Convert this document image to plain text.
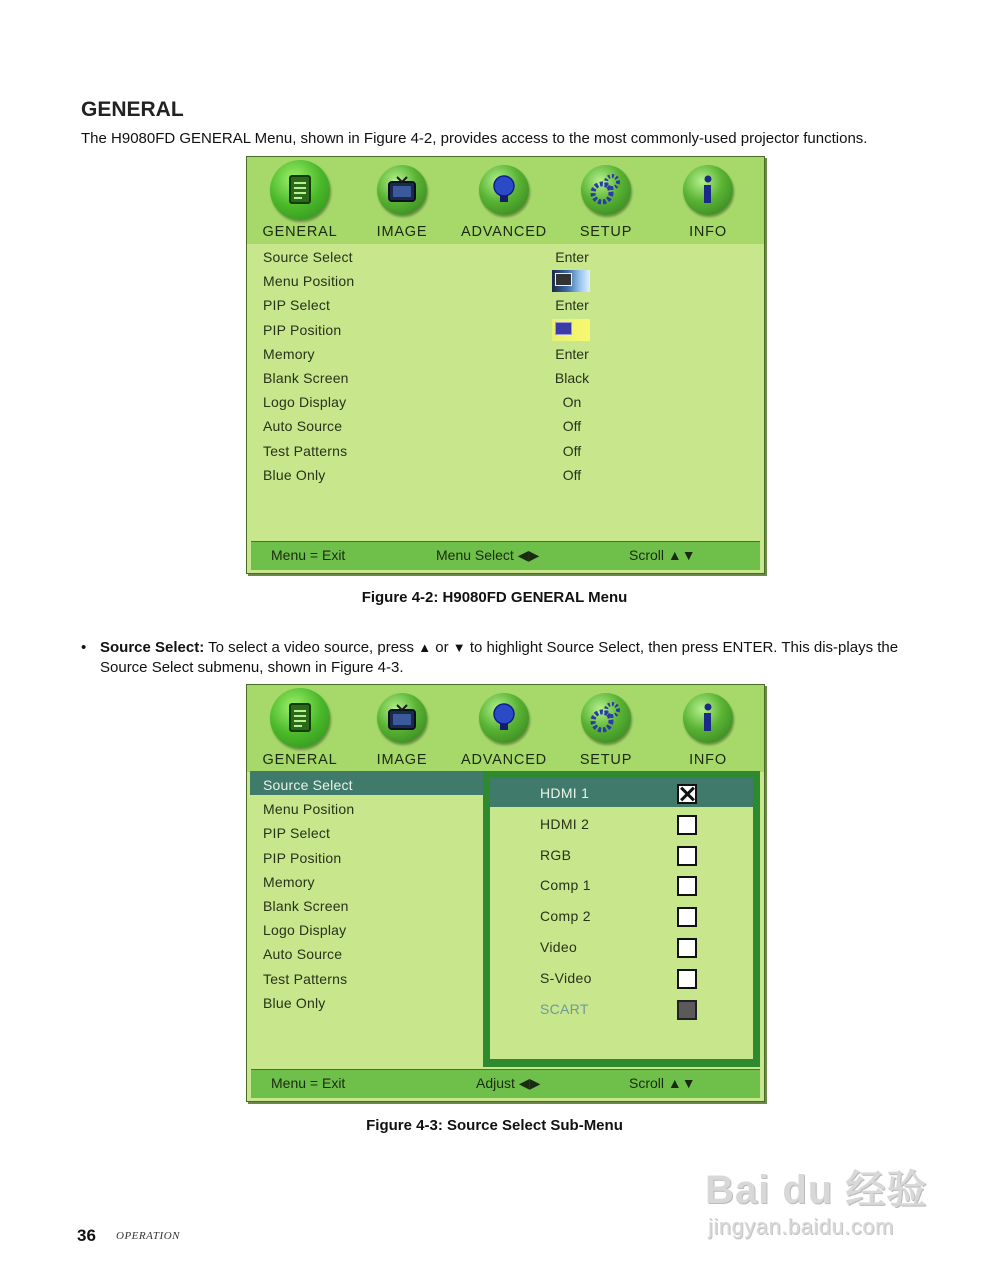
GENERAL

The H9080FD GENERAL Menu, shown in Figure 4-2, provides access to the most commonly-used projector functions.

Menu = Exit	Menu Select ◀▶	Scroll ▲▼
GENERAL	IMAGE	ADVANCED	SETUP	INFO
Source Select	Enter
Menu Position
PIP Select	Enter
PIP Position
Memory	Enter
Blank Screen	Black
Logo Display	On
Auto Source	Off
Test Patterns	Off
Blue Only	Off
Figure 4-2: H9080FD GENERAL Menu
• Source Select: To select a video source, press ▲ or ▼ to highlight Source Select, then press ENTER. This dis-plays the Source Select submenu, shown in Figure 4-3.
HDMI 1
HDMI 2
RGB
Comp 1
Comp 2
Video
S-Video
SCART
Menu = Exit	Adjust ◀▶	Scroll ▲▼
GENERAL	IMAGE	ADVANCED	SETUP	INFO
Source Select
Menu Position
PIP Select
PIP Position
Memory
Blank Screen
Logo Display
Auto Source
Test Patterns
Blue Only
Figure 4-3: Source Select Sub-Menu
36 OPERATION
Bai du 经验
jingyan.baidu.com
